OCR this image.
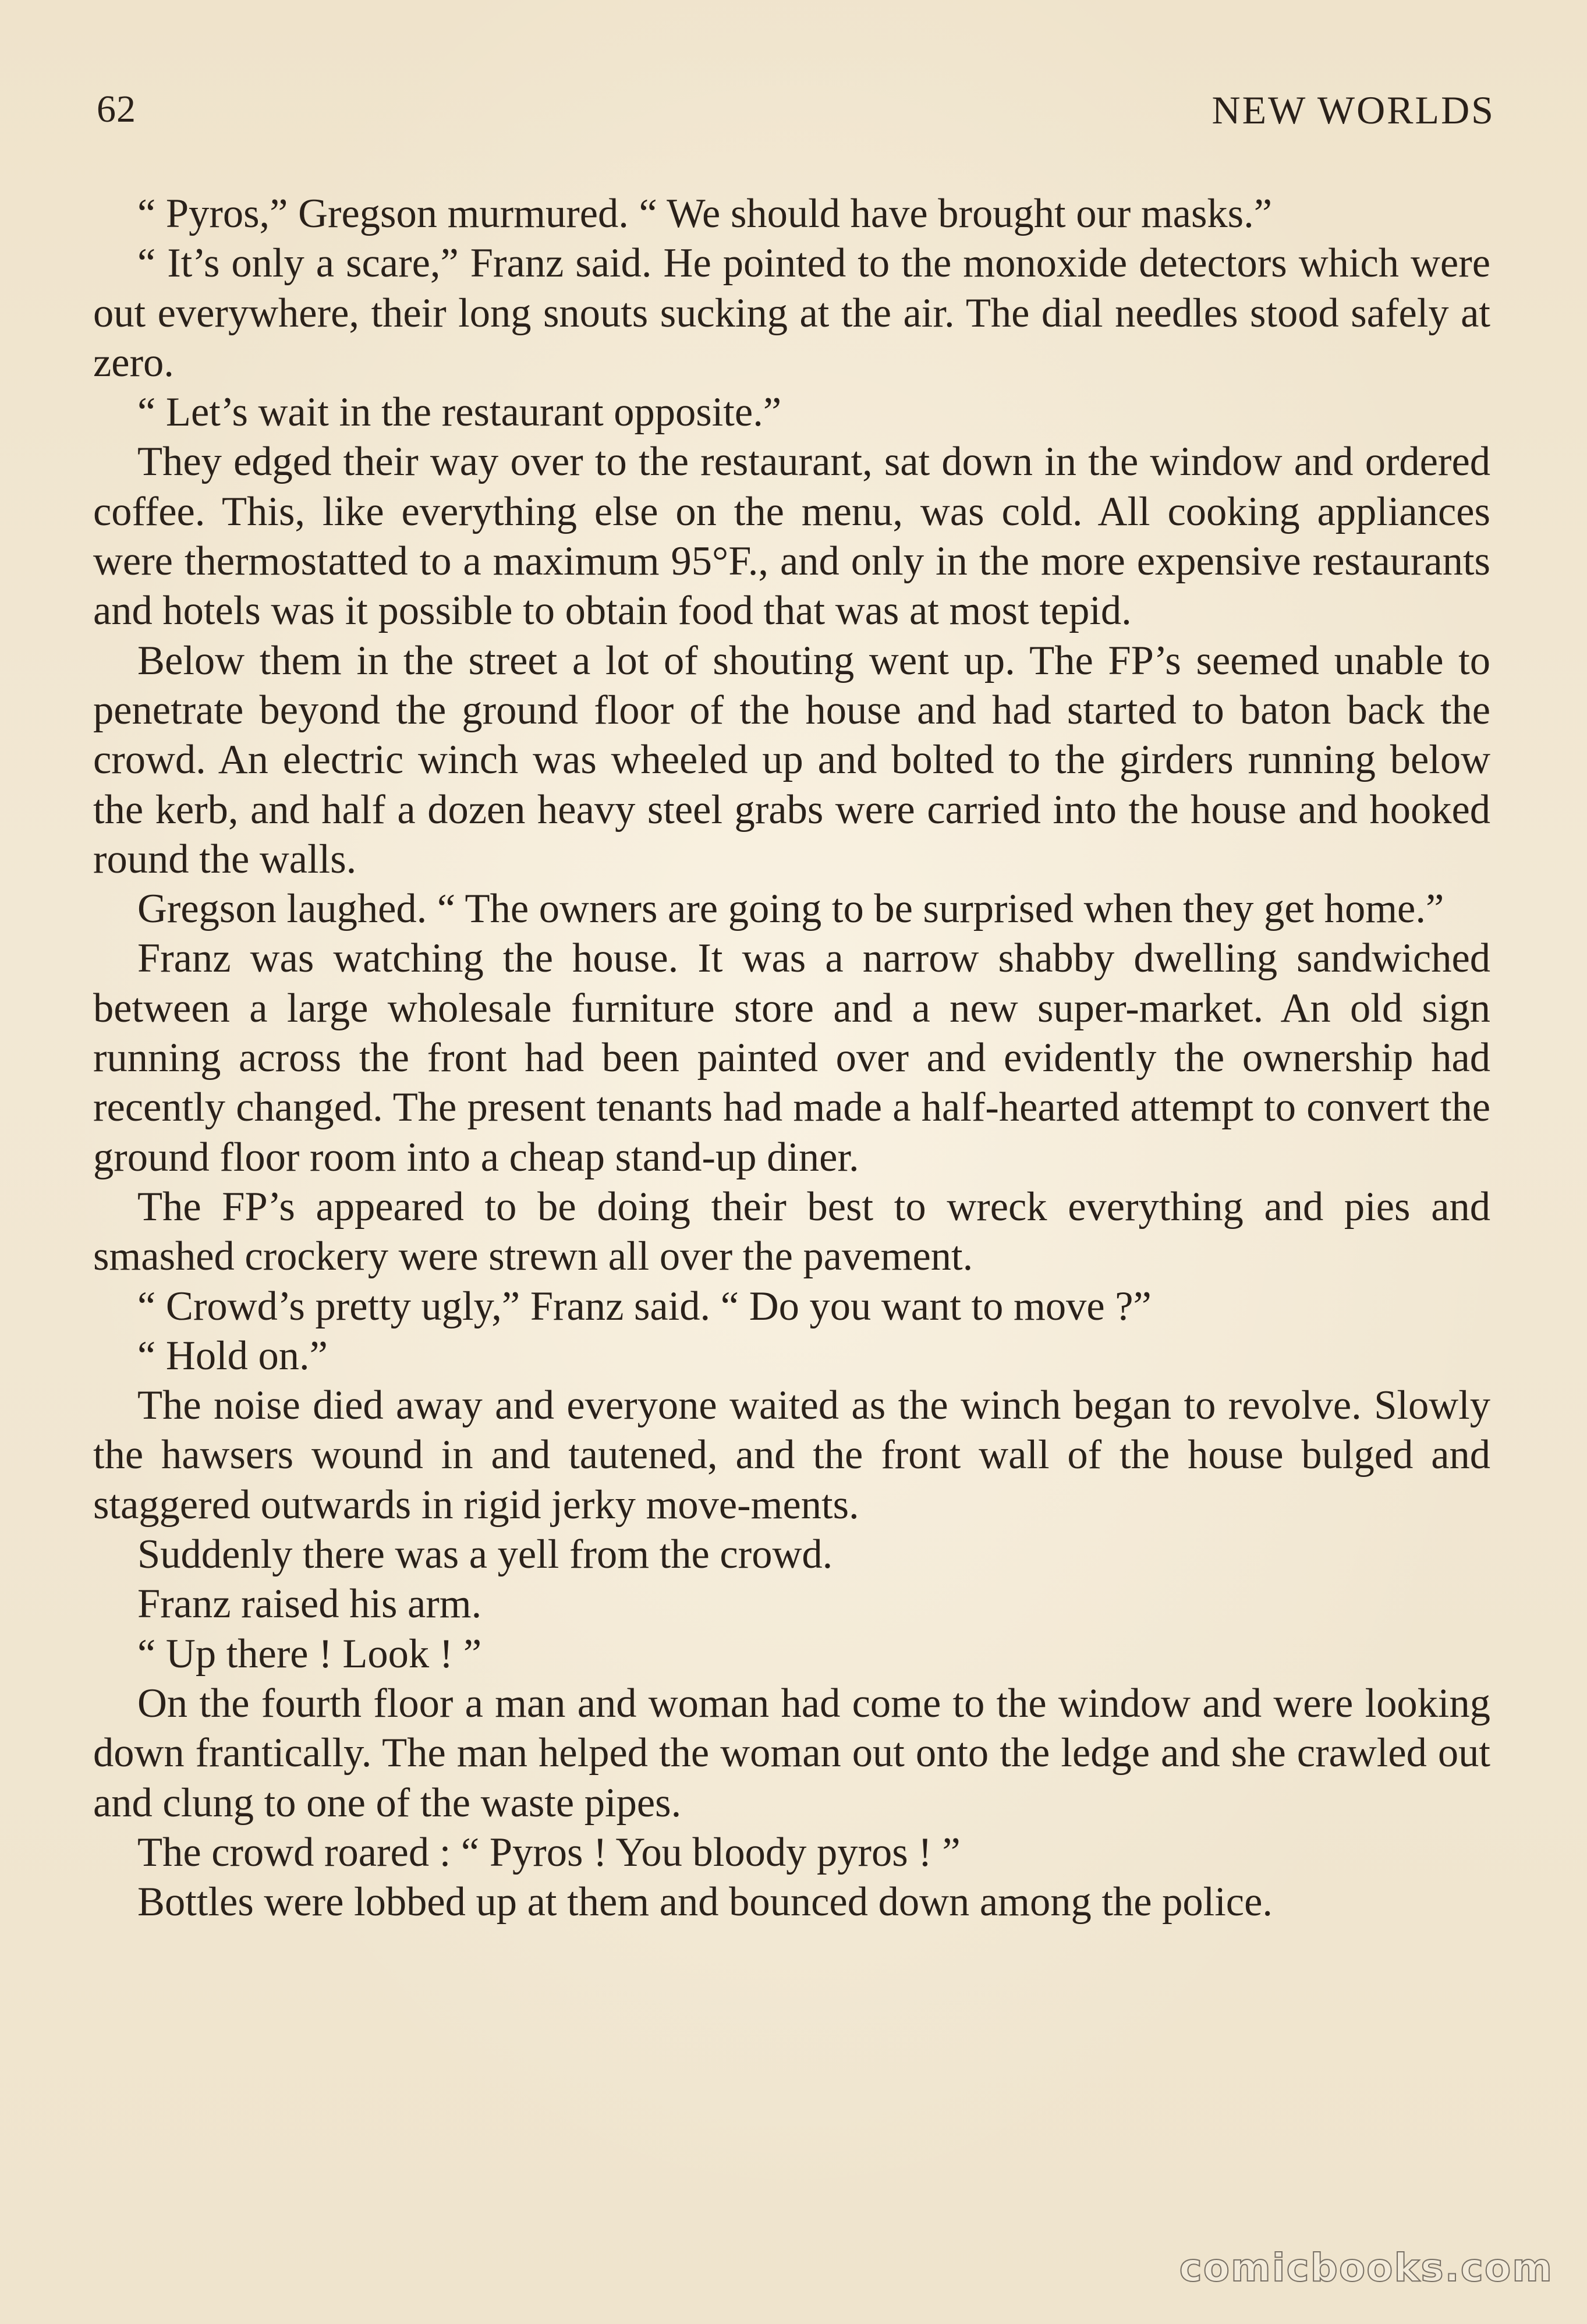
62	NEW WORLDS

“ Pyros,” Gregson murmured. “ We should have brought our masks.”

“ It’s only a scare,” Franz said. He pointed to the monoxide detectors which were out everywhere, their long snouts sucking at the air. The dial needles stood safely at zero.

“ Let’s wait in the restaurant opposite.”

They edged their way over to the restaurant, sat down in the window and ordered coffee. This, like everything else on the menu, was cold. All cooking appliances were thermostatted to a maximum 95°F., and only in the more expensive restaurants and hotels was it possible to obtain food that was at most tepid.

Below them in the street a lot of shouting went up. The FP’s seemed unable to penetrate beyond the ground floor of the house and had started to baton back the crowd. An electric winch was wheeled up and bolted to the girders running below the kerb, and half a dozen heavy steel grabs were carried into the house and hooked round the walls.

Gregson laughed. “ The owners are going to be surprised when they get home.”

Franz was watching the house. It was a narrow shabby dwelling sandwiched between a large wholesale furniture store and a new super-market. An old sign running across the front had been painted over and evidently the ownership had recently changed. The present tenants had made a half-hearted attempt to convert the ground floor room into a cheap stand-up diner.

The FP’s appeared to be doing their best to wreck everything and pies and smashed crockery were strewn all over the pavement.

“ Crowd’s pretty ugly,” Franz said. “ Do you want to move ?”

“ Hold on.”

The noise died away and everyone waited as the winch began to revolve. Slowly the hawsers wound in and tautened, and the front wall of the house bulged and staggered outwards in rigid jerky move-ments.

Suddenly there was a yell from the crowd.

Franz raised his arm.

“ Up there ! Look ! ”

On the fourth floor a man and woman had come to the window and were looking down frantically. The man helped the woman out onto the ledge and she crawled out and clung to one of the waste pipes.

The crowd roared : “ Pyros ! You bloody pyros ! ”

Bottles were lobbed up at them and bounced down among the police.

comicbooks.com
